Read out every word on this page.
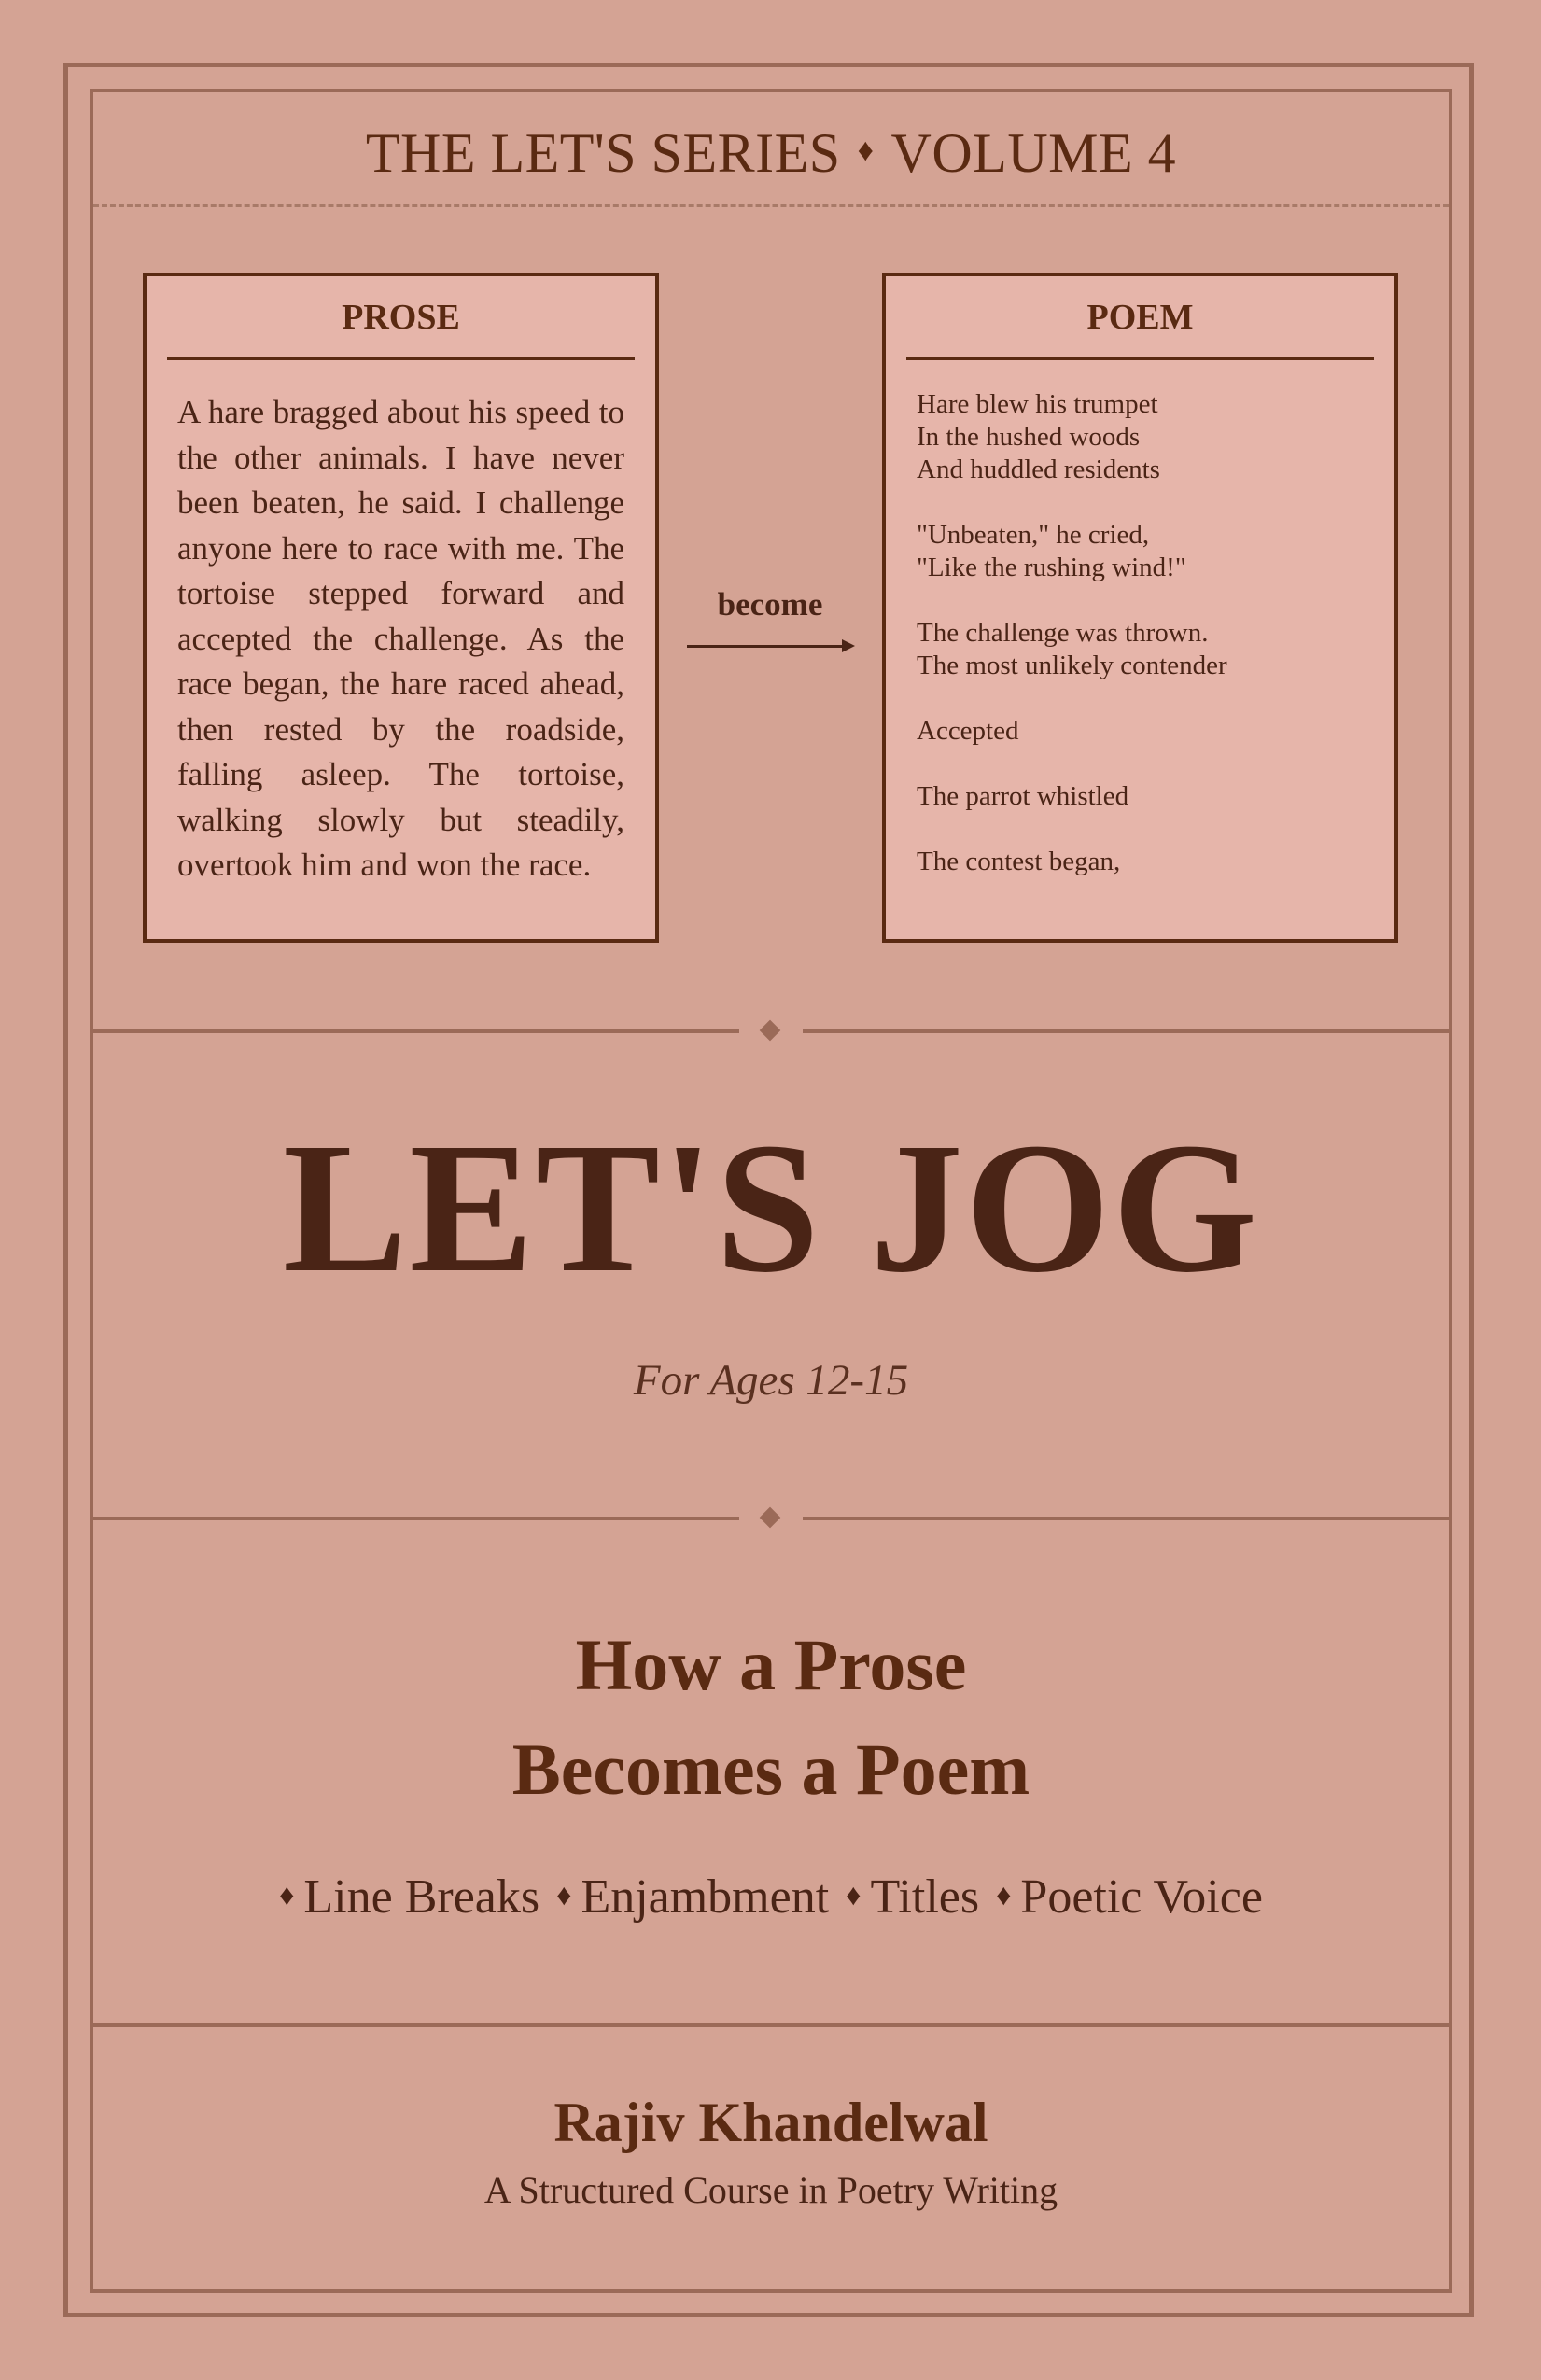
THE LET'S SERIES ♦ VOLUME 4
PROSE
A hare bragged about his speed to the other animals. I have never been beaten, he said. I challenge anyone here to race with me. The tortoise stepped forward and accepted the challenge. As the race began, the hare raced ahead, then rested by the roadside, falling asleep. The tortoise, walking slowly but steadily, overtook him and won the race.
become
POEM
Hare blew his trumpet
In the hushed woods
And huddled residents
"Unbeaten," he cried,
"Like the rushing wind!"
The challenge was thrown.
The most unlikely contender
Accepted
The parrot whistled
The contest began,
LET'S JOG
For Ages 12-15
How a Prose
Becomes a Poem
♦ Line Breaks ♦ Enjambment ♦ Titles ♦ Poetic Voice
Rajiv Khandelwal
A Structured Course in Poetry Writing
